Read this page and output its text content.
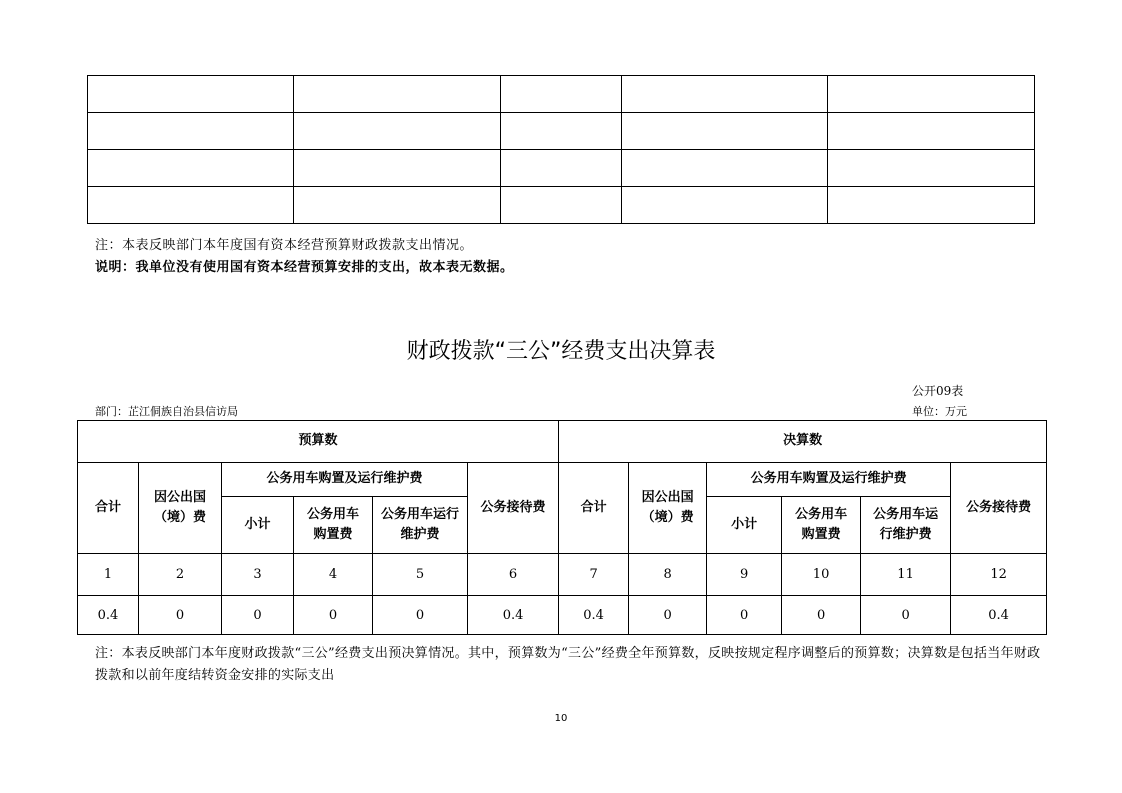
注：本表反映部门本年度国有资本经营预算财政拨款支出情况。
说明：我单位没有使用国有资本经营预算安排的支出，故本表无数据。
财政拨款“三公”经费支出决算表
公开09表
部门：芷江侗族自治县信访局	单位：万元
预算数						决算数					
合计	因公出国（境）费	公务用车购置及运行维护费			公务接待费	合计	因公出国（境）费	公务用车购置及运行维护费			公务接待费
		小计	公务用车购置费	公务用车运行维护费				小计	公务用车购置费	公务用车运行维护费	
1	2	3	4	5	6	7	8	9	10	11	12
0.4	0	0	0	0	0.4	0.4	0	0	0	0	0.4
注：本表反映部门本年度财政拨款“三公”经费支出预决算情况。其中，预算数为“三公”经费全年预算数，反映按规定程序调整后的预算数；决算数是包括当年财政拨款和以前年度结转资金安排的实际支出
10
